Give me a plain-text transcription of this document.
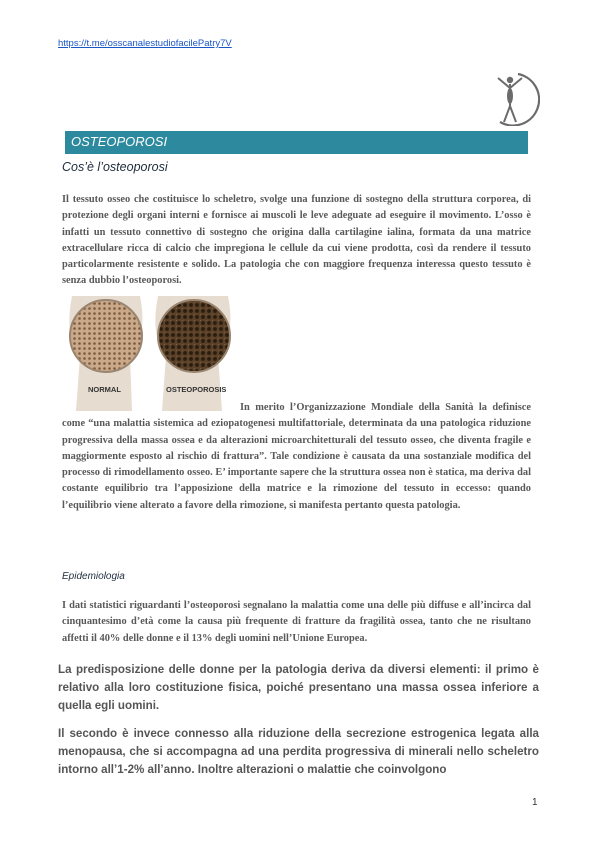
https://t.me/osscanalestudiofacilePatry7V
OSTEOPOROSI
Cos’è l’osteoporosi

Il tessuto osseo che costituisce lo scheletro, svolge una funzione di sostegno della struttura corporea, di protezione degli organi interni e fornisce ai muscoli le leve adeguate ad eseguire il movimento. L’osso è infatti un tessuto connettivo di sostegno che origina dalla cartilagine ialina, formata da una matrice extracellulare ricca di calcio che impregiona le cellule da cui viene prodotta, così da rendere il tessuto particolarmente resistente e solido. La patologia che con maggiore frequenza interessa questo tessuto è senza dubbio l’osteoporosi.

NORMAL	OSTEOPOROSIS

In merito l’Organizzazione Mondiale della Sanità la definisce come “una malattia sistemica ad eziopatogenesi multifattoriale, determinata da una patologica riduzione progressiva della massa ossea e da alterazioni microarchitetturali del tessuto osseo, che diventa fragile e maggiormente esposto al rischio di frattura”. Tale condizione è causata da una sostanziale modifica del processo di rimodellamento osseo. E’ importante sapere che la struttura ossea non è statica, ma deriva dal costante equilibrio tra l’apposizione della matrice e la rimozione del tessuto in eccesso: quando l’equilibrio viene alterato a favore della rimozione, si manifesta pertanto questa patologia.

Epidemiologia

I dati statistici riguardanti l’osteoporosi segnalano la malattia come una delle più diffuse e all’incirca dal cinquantesimo d’età come la causa più frequente di fratture da fragilità ossea, tanto che ne risultano affetti il 40% delle donne e il 13% degli uomini nell’Unione Europea.

La predisposizione delle donne per la patologia deriva da diversi elementi: il primo è relativo alla loro costituzione fisica, poiché presentano una massa ossea inferiore a quella egli uomini.

Il secondo è invece connesso alla riduzione della secrezione estrogenica legata alla menopausa, che si accompagna ad una perdita progressiva di minerali nello scheletro intorno all’1-2% all’anno. Inoltre alterazioni o malattie che coinvolgono

1
